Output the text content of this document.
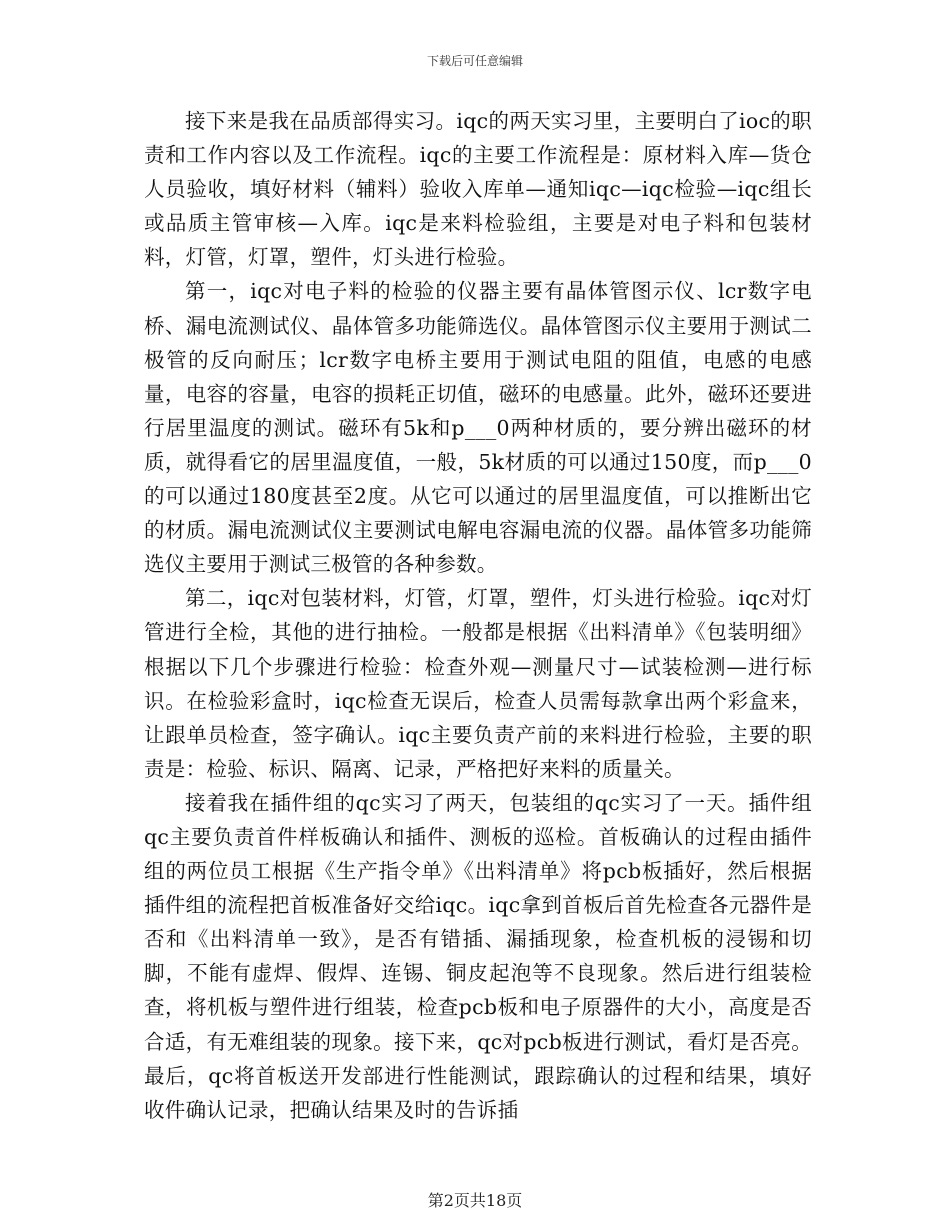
下载后可任意编辑

接下来是我在品质部得实习。iqc的两天实习里，主要明白了ioc的职责和工作内容以及工作流程。iqc的主要工作流程是：原材料入库—货仓人员验收，填好材料（辅料）验收入库单—通知iqc—iqc检验—iqc组长或品质主管审核—入库。iqc是来料检验组，主要是对电子料和包装材料，灯管，灯罩，塑件，灯头进行检验。

第一，iqc对电子料的检验的仪器主要有晶体管图示仪、lcr数字电桥、漏电流测试仪、晶体管多功能筛选仪。晶体管图示仪主要用于测试二极管的反向耐压；lcr数字电桥主要用于测试电阻的阻值，电感的电感量，电容的容量，电容的损耗正切值，磁环的电感量。此外，磁环还要进行居里温度的测试。磁环有5k和p___0两种材质的，要分辨出磁环的材质，就得看它的居里温度值，一般，5k材质的可以通过150度，而p___0的可以通过180度甚至2度。从它可以通过的居里温度值，可以推断出它的材质。漏电流测试仪主要测试电解电容漏电流的仪器。晶体管多功能筛选仪主要用于测试三极管的各种参数。

第二，iqc对包装材料，灯管，灯罩，塑件，灯头进行检验。iqc对灯管进行全检，其他的进行抽检。一般都是根据《出料清单》《包装明细》根据以下几个步骤进行检验：检查外观—测量尺寸—试装检测—进行标识。在检验彩盒时，iqc检查无误后，检查人员需每款拿出两个彩盒来，让跟单员检查，签字确认。iqc主要负责产前的来料进行检验，主要的职责是：检验、标识、隔离、记录，严格把好来料的质量关。

接着我在插件组的qc实习了两天，包装组的qc实习了一天。插件组qc主要负责首件样板确认和插件、测板的巡检。首板确认的过程由插件组的两位员工根据《生产指令单》《出料清单》将pcb板插好，然后根据插件组的流程把首板准备好交给iqc。iqc拿到首板后首先检查各元器件是否和《出料清单一致》，是否有错插、漏插现象，检查机板的浸锡和切脚，不能有虚焊、假焊、连锡、铜皮起泡等不良现象。然后进行组装检查，将机板与塑件进行组装，检查pcb板和电子原器件的大小，高度是否合适，有无难组装的现象。接下来，qc对pcb板进行测试，看灯是否亮。最后，qc将首板送开发部进行性能测试，跟踪确认的过程和结果，填好收件确认记录，把确认结果及时的告诉插

第2页共18页
